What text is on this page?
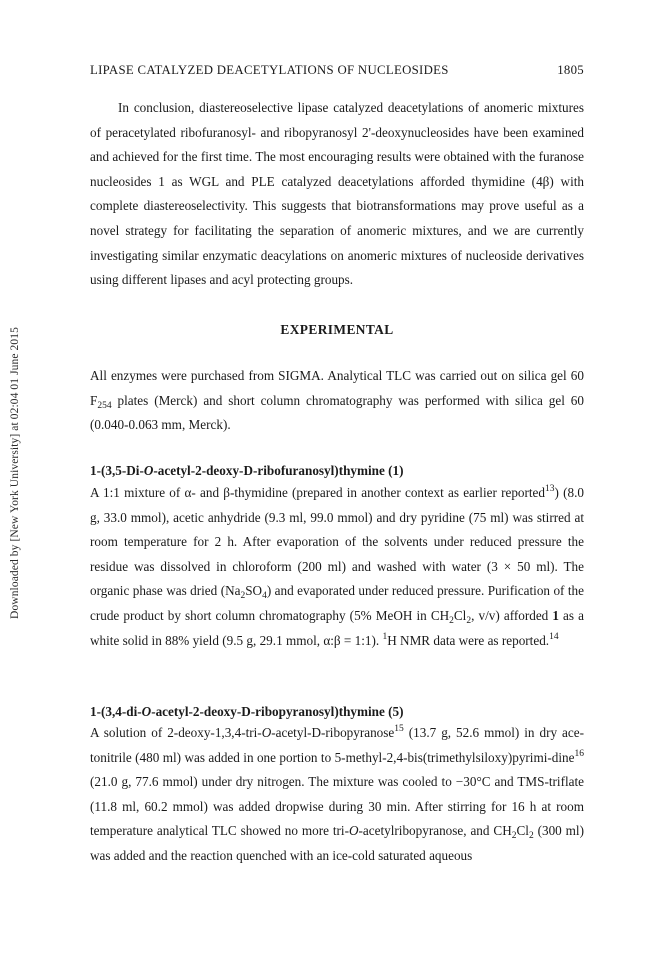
Downloaded by [New York University] at 02:04 01 June 2015
LIPASE CATALYZED DEACETYLATIONS OF NUCLEOSIDES	1805

In conclusion, diastereoselective lipase catalyzed deacetylations of anomeric mixtures of peracetylated ribofuranosyl- and ribopyranosyl 2'-deoxynucleosides have been examined and achieved for the first time. The most encouraging results were obtained with the furanose nucleosides 1 as WGL and PLE catalyzed deacetylations afforded thymidine (4β) with complete diastereoselectivity. This suggests that biotransformations may prove useful as a novel strategy for facilitating the separation of anomeric mixtures, and we are currently investigating similar enzymatic deacylations on anomeric mixtures of nucleoside derivatives using different lipases and acyl protecting groups.

EXPERIMENTAL

All enzymes were purchased from SIGMA. Analytical TLC was carried out on silica gel 60 $F_{254}$ plates (Merck) and short column chromatography was performed with silica gel 60 (0.040-0.063 mm, Merck).

1-(3,5-Di-O-acetyl-2-deoxy-D-ribofuranosyl)thymine (1)

A 1:1 mixture of α- and β-thymidine (prepared in another context as earlier reported$^{13}$) (8.0 g, 33.0 mmol), acetic anhydride (9.3 ml, 99.0 mmol) and dry pyridine (75 ml) was stirred at room temperature for 2 h. After evaporation of the solvents under reduced pressure the residue was dissolved in chloroform (200 ml) and washed with water (3 × 50 ml). The organic phase was dried $(Na_2SO_4)$ and evaporated under reduced pressure. Purification of the crude product by short column chromatography (5% MeOH in $CH_2Cl_2$, v/v) afforded 1 as a white solid in 88% yield (9.5 g, 29.1 mmol, α:β = 1:1). $^1$H NMR data were as reported.$^{14}$

1-(3,4-di-O-acetyl-2-deoxy-D-ribopyranosyl)thymine (5)

A solution of 2-deoxy-1,3,4-tri-O-acetyl-D-ribopyranose$^{15}$ (13.7 g, 52.6 mmol) in dry ace-tonitrile (480 ml) was added in one portion to 5-methyl-2,4-bis(trimethylsiloxy)pyrimi-dine$^{16}$ (21.0 g, 77.6 mmol) under dry nitrogen. The mixture was cooled to −30°C and TMS-triflate (11.8 ml, 60.2 mmol) was added dropwise during 30 min. After stirring for 16 h at room temperature analytical TLC showed no more tri-O-acetylribopyranose, and $CH_2Cl_2$ (300 ml) was added and the reaction quenched with an ice-cold saturated aqueous
